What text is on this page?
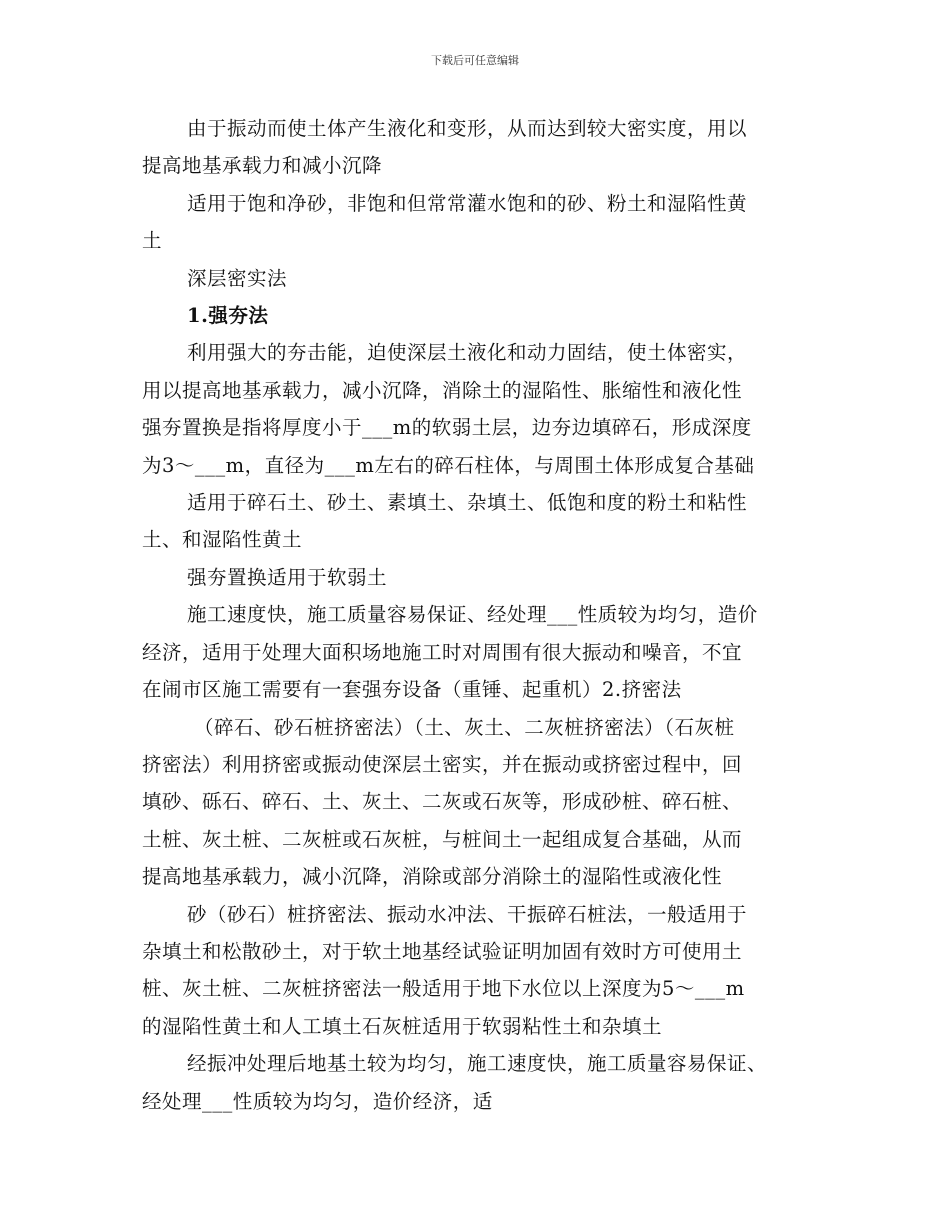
下载后可任意编辑

由于振动而使土体产生液化和变形，从而达到较大密实度，用以
提高地基承载力和减小沉降

适用于饱和净砂，非饱和但常常灌水饱和的砂、粉土和湿陷性黄
土

深层密实法

1.强夯法

利用强大的夯击能，迫使深层土液化和动力固结，使土体密实，
用以提高地基承载力，减小沉降，消除土的湿陷性、胀缩性和液化性
强夯置换是指将厚度小于___m的软弱土层，边夯边填碎石，形成深度
为3～___m，直径为___m左右的碎石柱体，与周围土体形成复合基础

适用于碎石土、砂土、素填土、杂填土、低饱和度的粉土和粘性
土、和湿陷性黄土

强夯置换适用于软弱土

施工速度快，施工质量容易保证、经处理___性质较为均匀，造价
经济，适用于处理大面积场地施工时对周围有很大振动和噪音，不宜
在闹市区施工需要有一套强夯设备（重锤、起重机）2.挤密法

（碎石、砂石桩挤密法）（土、灰土、二灰桩挤密法）（石灰桩
挤密法）利用挤密或振动使深层土密实，并在振动或挤密过程中，回
填砂、砾石、碎石、土、灰土、二灰或石灰等，形成砂桩、碎石桩、
土桩、灰土桩、二灰桩或石灰桩，与桩间土一起组成复合基础，从而
提高地基承载力，减小沉降，消除或部分消除土的湿陷性或液化性

砂（砂石）桩挤密法、振动水冲法、干振碎石桩法，一般适用于
杂填土和松散砂土，对于软土地基经试验证明加固有效时方可使用土
桩、灰土桩、二灰桩挤密法一般适用于地下水位以上深度为5～___m
的湿陷性黄土和人工填土石灰桩适用于软弱粘性土和杂填土

经振冲处理后地基土较为均匀，施工速度快，施工质量容易保证、
经处理___性质较为均匀，造价经济，适
